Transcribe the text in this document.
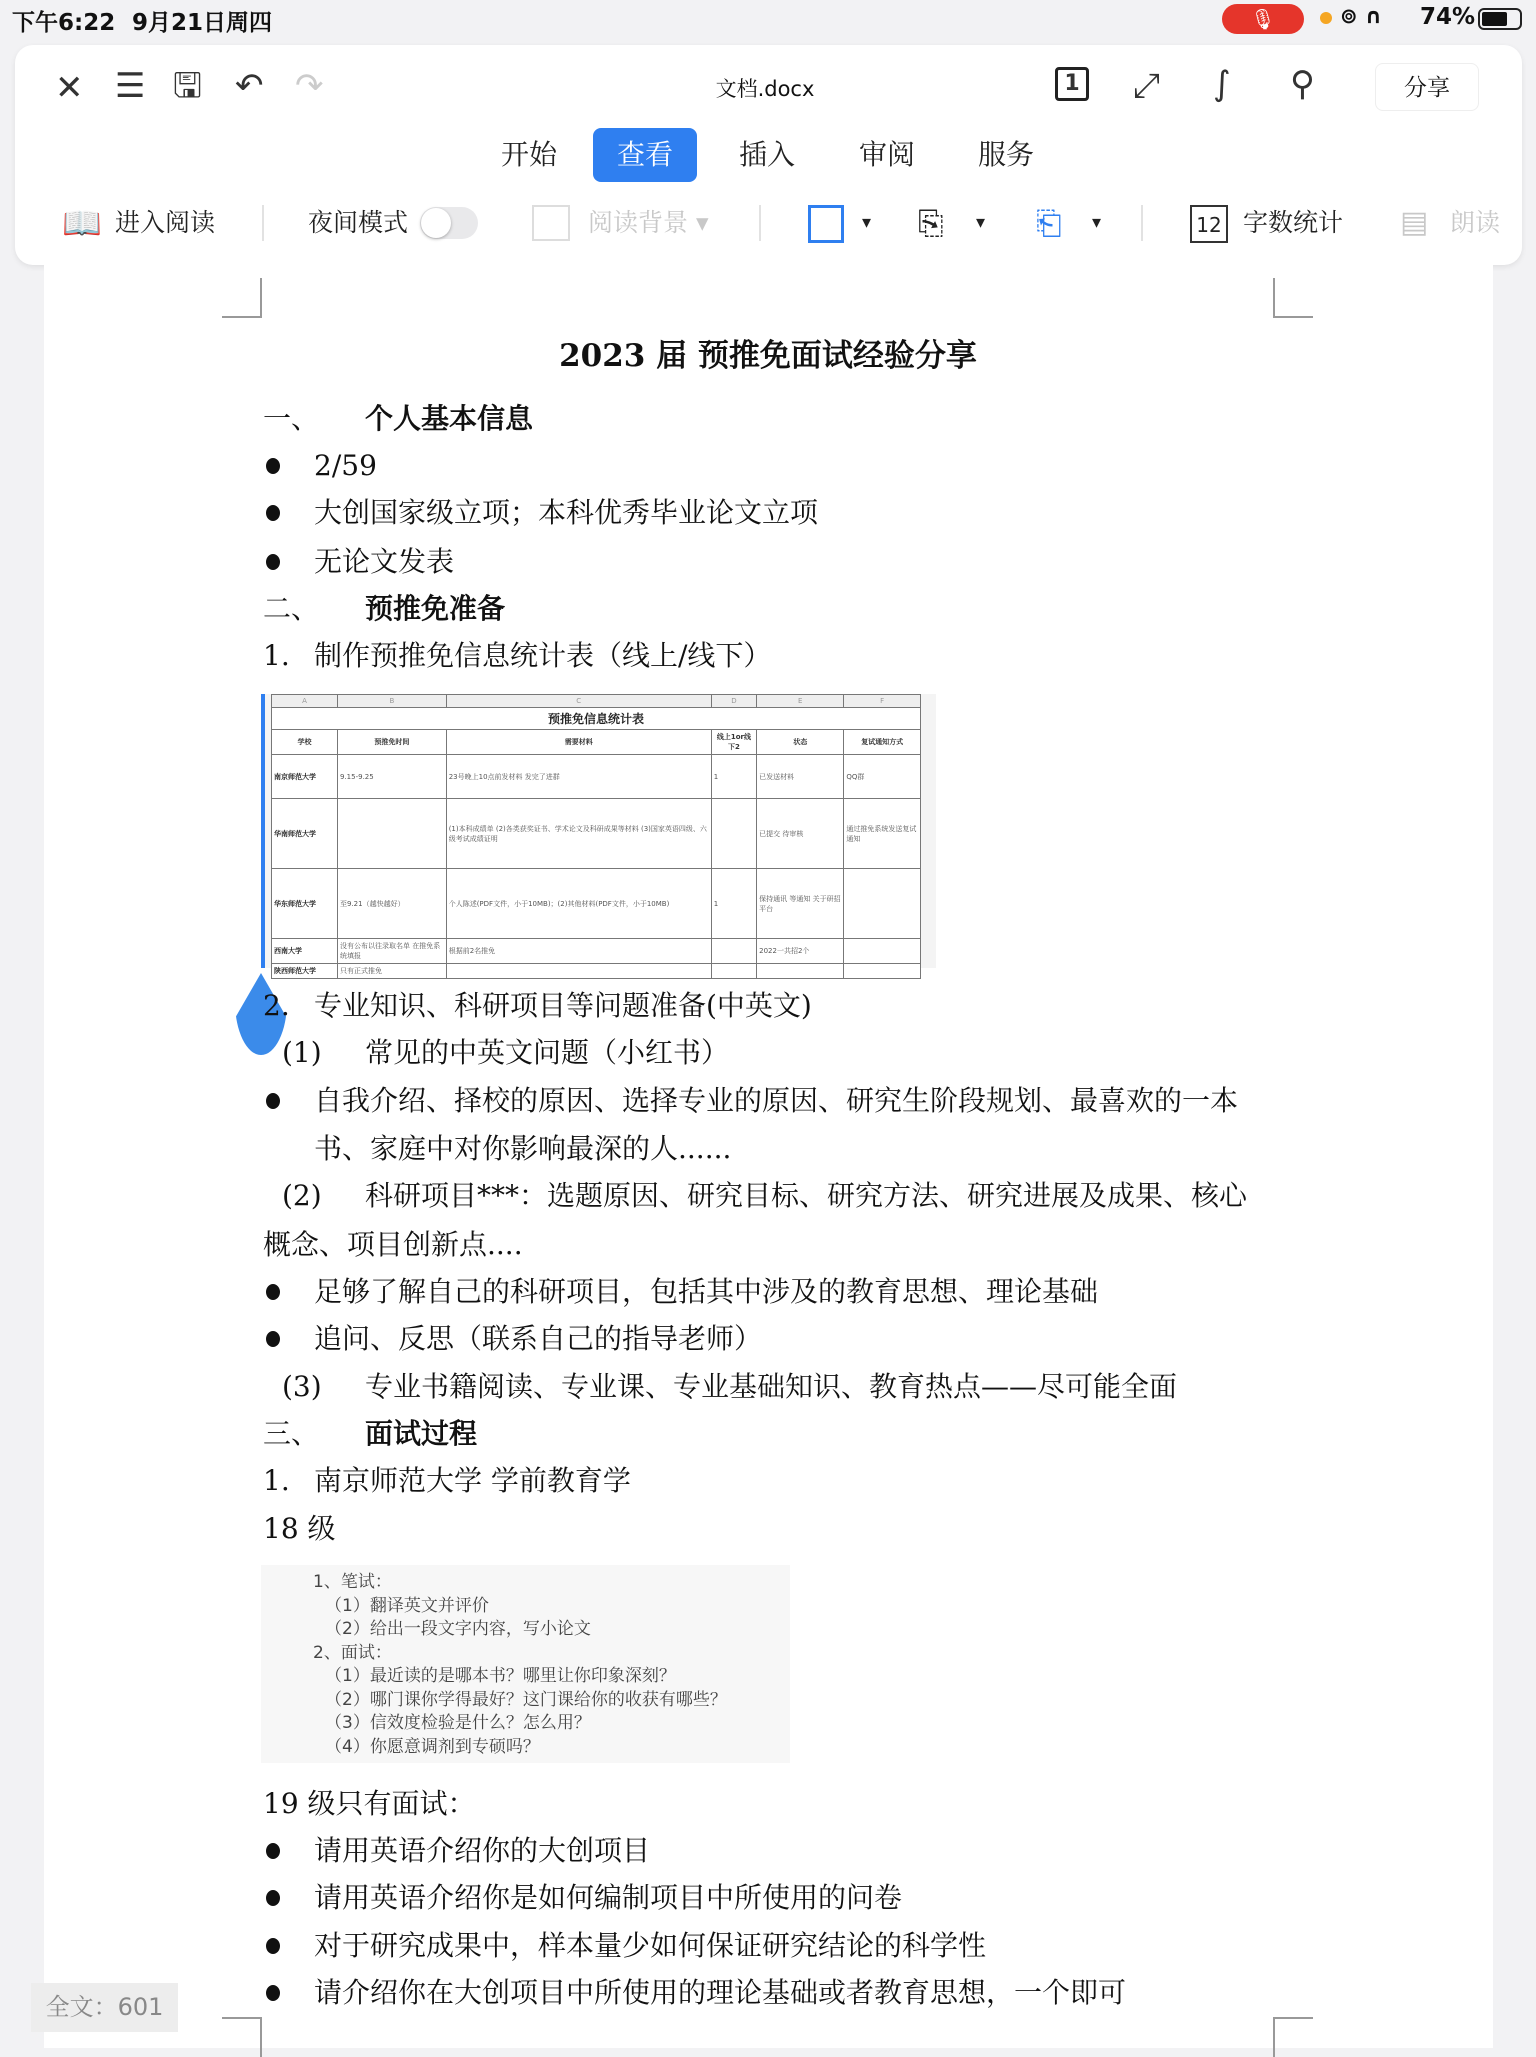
下午6:22 9月21日周四	🎙	⊚ ∩ 74%
✕ ☰ 🖫 ↶ ↷	文档.docx	1 ⤢ ∫ ⚲	分享
开始	查看	插入	审阅	服务
📖 进入阅读	夜间模式	阅读背景 ▾	▾ ⎘ ▾ ⎗ ▾	12 字数统计 ▤ 朗读
2023 届 预推免面试经验分享
A	B	C	D	E	F
预推免信息统计表					
学校	预推免时间	需要材料	线上1or线下2	状态	复试通知方式
南京师范大学	9.15-9.25	23号晚上10点前发材料 发完了进群	1	已发送材料	QQ群
华南师范大学		(1)本科成绩单 (2)各类获奖证书、学术论文及科研成果等材料 (3)国家英语四级、六级考试成绩证明		已提交 待审核	通过推免系统发送复试通知
华东师范大学	至9.21（越快越好）	个人陈述(PDF文件，小于10MB)；(2)其他材料(PDF文件，小于10MB)	1	保持通讯 等通知 关于研招平台	
西南大学	没有公布以往录取名单 在推免系统填报	根据前2名推免		2022一共招2个	
陕西师范大学	只有正式推免				
一、 个人基本信息
2/59
大创国家级立项；本科优秀毕业论文立项
无论文发表
二、 预推免准备
1. 制作预推免信息统计表（线上/线下）
2. 专业知识、科研项目等问题准备(中英文)
(1) 常见的中英文问题（小红书）
自我介绍、择校的原因、选择专业的原因、研究生阶段规划、最喜欢的一本
书、家庭中对你影响最深的人......
(2) 科研项目***：选题原因、研究目标、研究方法、研究进展及成果、核心
概念、项目创新点....
足够了解自己的科研项目，包括其中涉及的教育思想、理论基础
追问、反思（联系自己的指导老师）
(3) 专业书籍阅读、专业课、专业基础知识、教育热点——尽可能全面
三、 面试过程
1. 南京师范大学 学前教育学
18 级
19 级只有面试：
请用英语介绍你的大创项目
请用英语介绍你是如何编制项目中所使用的问卷
对于研究成果中，样本量少如何保证研究结论的科学性
请介绍你在大创项目中所使用的理论基础或者教育思想，一个即可
1、笔试：
（1）翻译英文并评价
（2）给出一段文字内容，写小论文
2、面试：
（1）最近读的是哪本书？哪里让你印象深刻？
（2）哪门课你学得最好？这门课给你的收获有哪些？
（3）信效度检验是什么？怎么用？
（4）你愿意调剂到专硕吗？
全文：601
